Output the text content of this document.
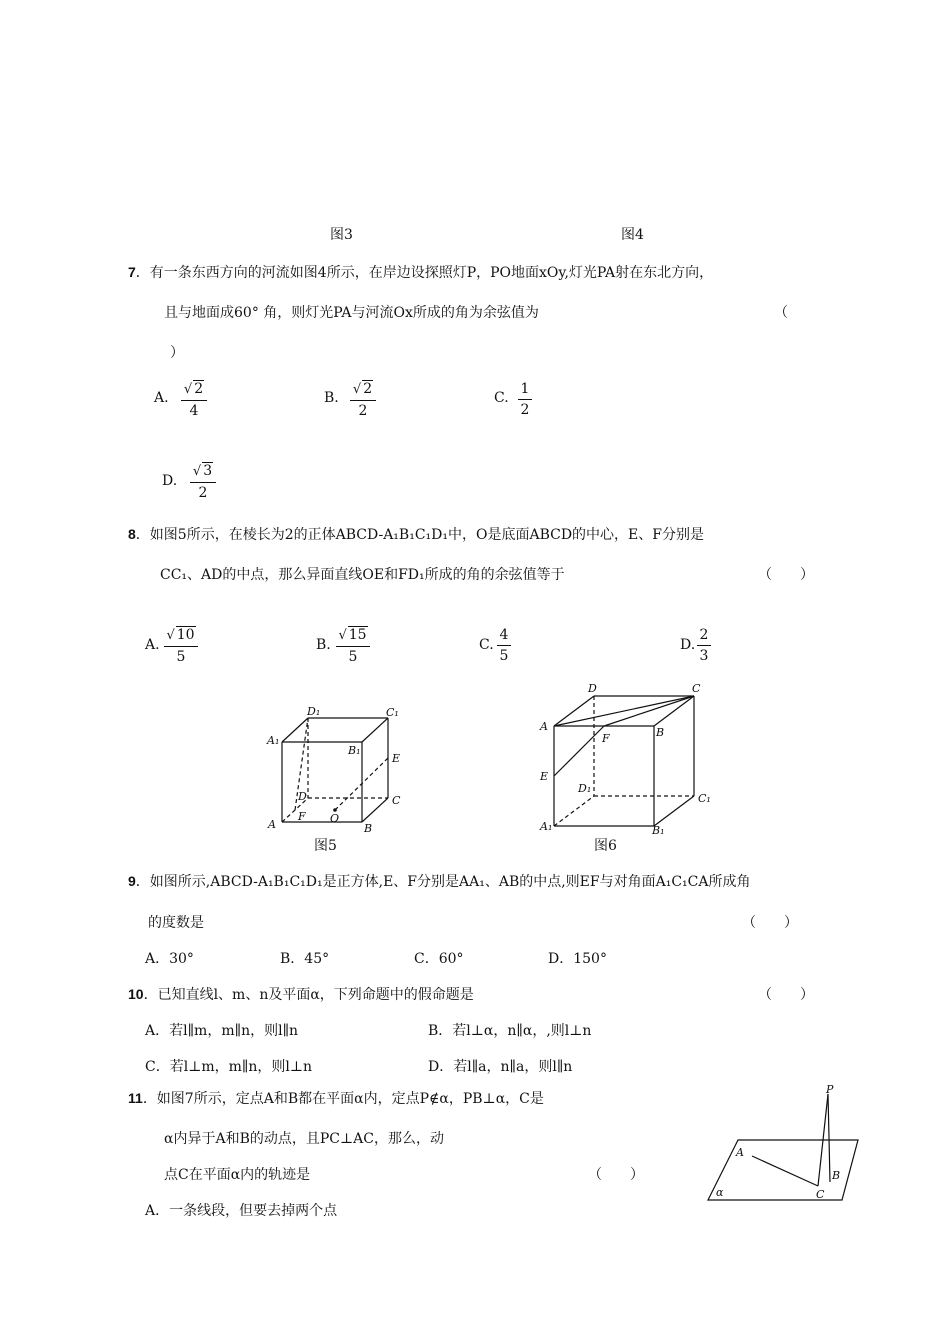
图3	图4
7．有一条东西方向的河流如图4所示，在岸边设探照灯P，PO地面xOy,灯光PA射在东北方向，
且与地面成60° 角，则灯光PA与河流Ox所成的角为余弦值为	（
）
A.
√ 2
4
B.
√ 2
2
C.
1
2
D.
√ 3
2
8．如图5所示，在棱长为2的正体ABCD-A₁B₁C₁D₁中，O是底面ABCD的中心，E、F分别是
CC₁、AD的中点，那么异面直线OE和FD₁所成的角的余弦值等于	（　　）
A.
√ 10
5
B.
√ 15
5
C.
4
5
D.
2
3
D₁	C₁
A₁
B₁
E
D	C
A
F O
B
图5
D	C
A
F	B
E
D₁
C₁
A₁	B₁
图6
9．如图所示,ABCD-A₁B₁C₁D₁是正方体,E、F分别是AA₁、AB的中点,则EF与对角面A₁C₁CA所成角
的度数是	（　　）
A．30°	B．45°	C．60°	D．150°
10．已知直线l、m、n及平面α，下列命题中的假命题是	（　　）
A．若l∥m，m∥n，则l∥n	B．若l⊥α，n∥α，,则l⊥n
C．若l⊥m，m∥n，则l⊥n	D．若l∥a，n∥a，则l∥n
11．如图7所示，定点A和B都在平面α内，定点P∉α，PB⊥α，C是
α内异于A和B的动点，且PC⊥AC，那么，动
点C在平面α内的轨迹是	（　　）
A．一条线段，但要去掉两个点
P
A
B
C
α
